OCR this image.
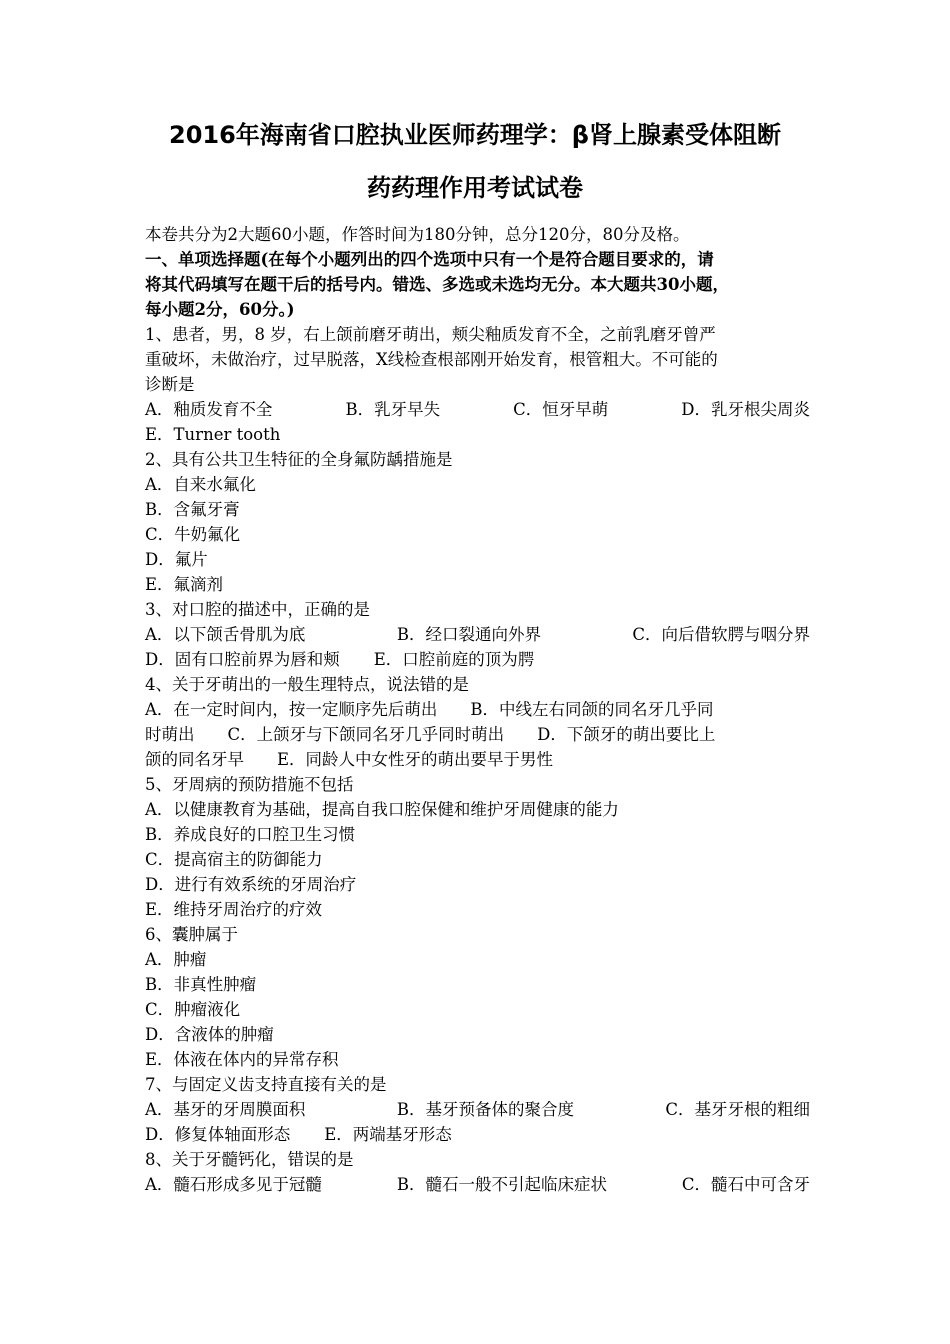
2016年海南省口腔执业医师药理学：β肾上腺素受体阻断
药药理作用考试试卷
本卷共分为2大题60小题，作答时间为180分钟，总分120分，80分及格。
一、单项选择题(在每个小题列出的四个选项中只有一个是符合题目要求的，请
将其代码填写在题干后的括号内。错选、多选或未选均无分。本大题共30小题，
每小题2分，60分。)
1、患者，男，8 岁，右上颌前磨牙萌出，颊尖釉质发育不全，之前乳磨牙曾严
重破坏，未做治疗，过早脱落，X线检查根部刚开始发育，根管粗大。不可能的
诊断是
A．釉质发育不全	B．乳牙早失	C．恒牙早萌	D．乳牙根尖周炎
E．Turner tooth
2、具有公共卫生特征的全身氟防龋措施是
A．自来水氟化
B．含氟牙膏
C．牛奶氟化
D．氟片
E．氟滴剂
3、对口腔的描述中，正确的是
A．以下颌舌骨肌为底	B．经口裂通向外界	C．向后借软腭与咽分界
D．固有口腔前界为唇和颊 E．口腔前庭的顶为腭
4、关于牙萌出的一般生理特点，说法错的是
A．在一定时间内，按一定顺序先后萌出　　B．中线左右同颌的同名牙几乎同
时萌出　　C．上颌牙与下颌同名牙几乎同时萌出　　D．下颌牙的萌出要比上
颌的同名牙早　　E．同龄人中女性牙的萌出要早于男性
5、牙周病的预防措施不包括
A．以健康教育为基础，提高自我口腔保健和维护牙周健康的能力
B．养成良好的口腔卫生习惯
C．提高宿主的防御能力
D．进行有效系统的牙周治疗
E．维持牙周治疗的疗效
6、囊肿属于
A．肿瘤
B．非真性肿瘤
C．肿瘤液化
D．含液体的肿瘤
E．体液在体内的异常存积
7、与固定义齿支持直接有关的是
A．基牙的牙周膜面积	B．基牙预备体的聚合度	C．基牙牙根的粗细
D．修复体轴面形态 E．两端基牙形态
8、关于牙髓钙化，错误的是
A．髓石形成多见于冠髓	B．髓石一般不引起临床症状	C．髓石中可含牙
